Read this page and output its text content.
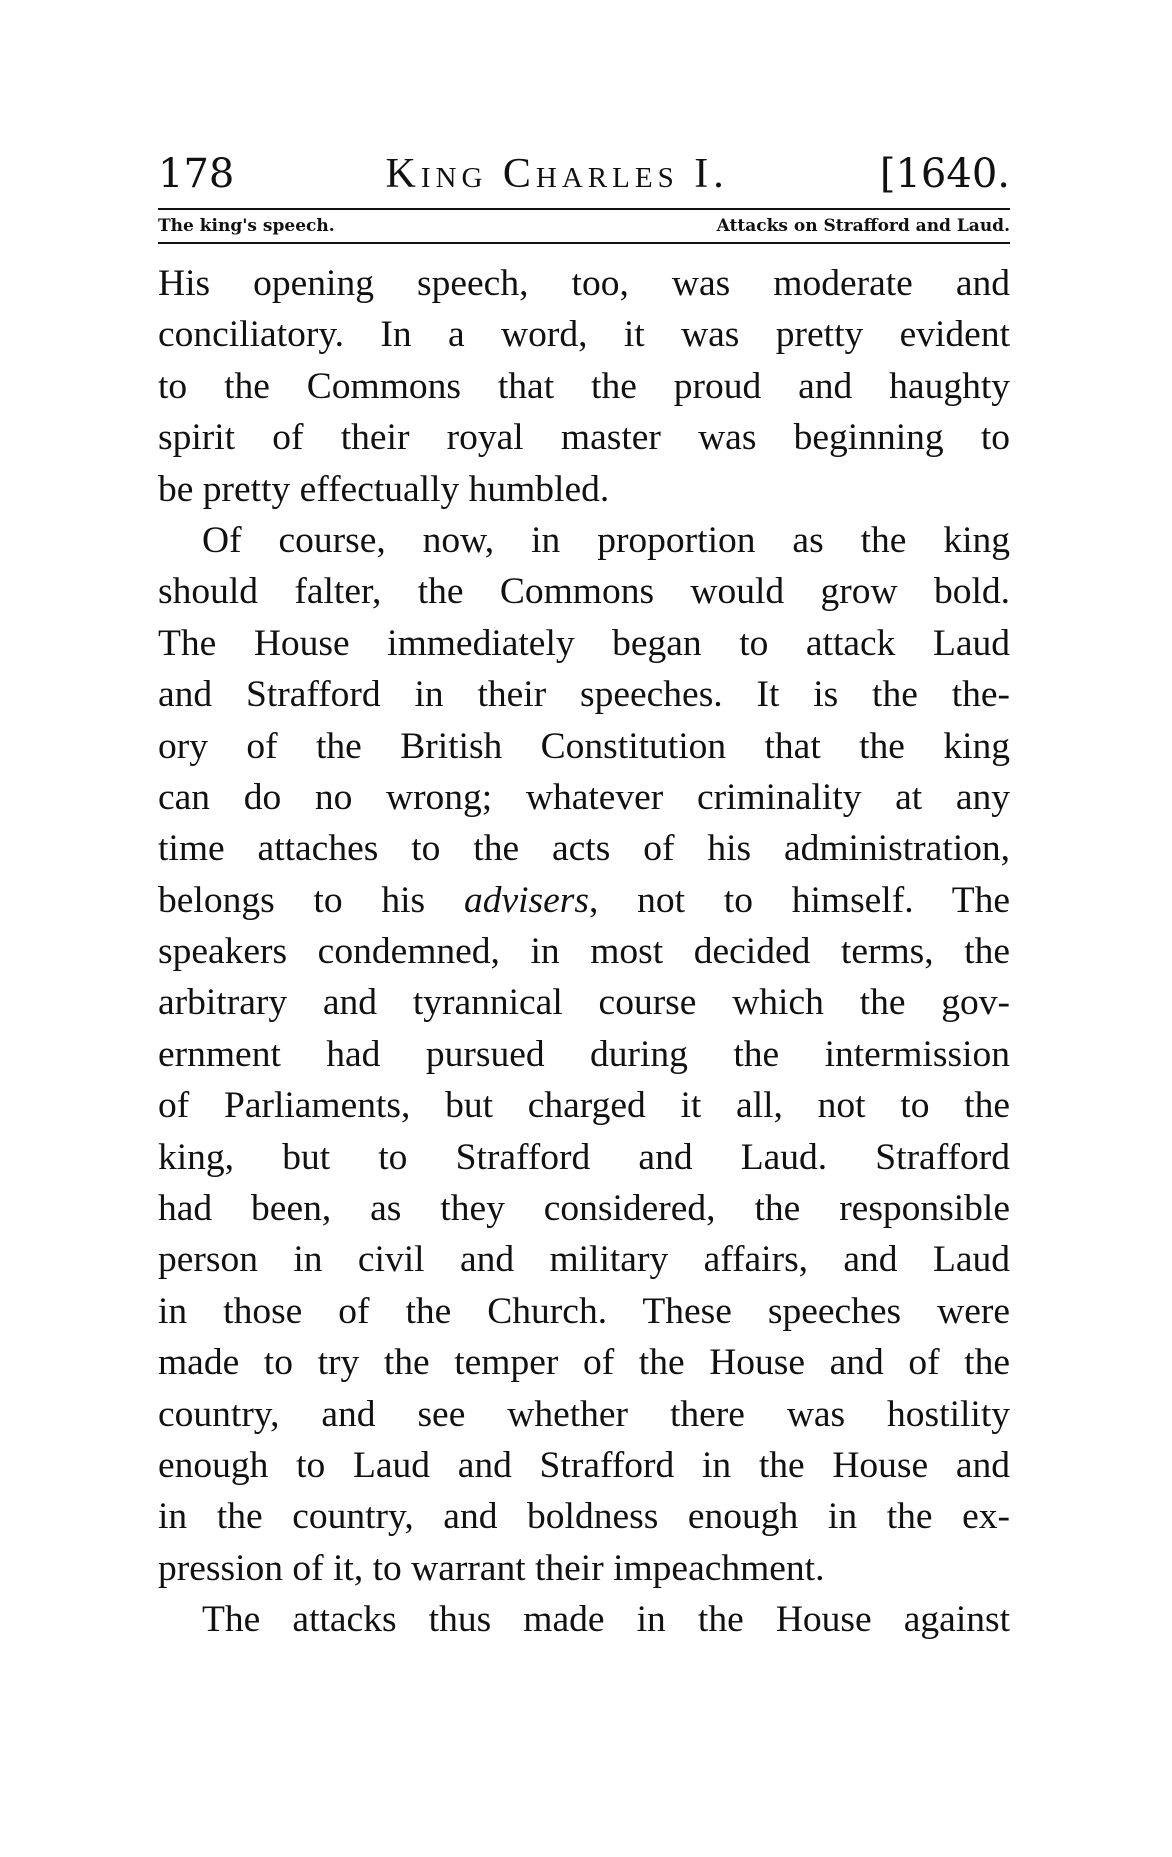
178	King Charles I.	[1640.
The king's speech.	Attacks on Strafford and Laud.
His opening speech, too, was moderate and
conciliatory. In a word, it was pretty evident
to the Commons that the proud and haughty
spirit of their royal master was beginning to
be pretty effectually humbled.
Of course, now, in proportion as the king
should falter, the Commons would grow bold.
The House immediately began to attack Laud
and Strafford in their speeches. It is the the-
ory of the British Constitution that the king
can do no wrong; whatever criminality at any
time attaches to the acts of his administration,
belongs to his advisers, not to himself. The
speakers condemned, in most decided terms, the
arbitrary and tyrannical course which the gov-
ernment had pursued during the intermission
of Parliaments, but charged it all, not to the
king, but to Strafford and Laud. Strafford
had been, as they considered, the responsible
person in civil and military affairs, and Laud
in those of the Church. These speeches were
made to try the temper of the House and of the
country, and see whether there was hostility
enough to Laud and Strafford in the House and
in the country, and boldness enough in the ex-
pression of it, to warrant their impeachment.
The attacks thus made in the House against
